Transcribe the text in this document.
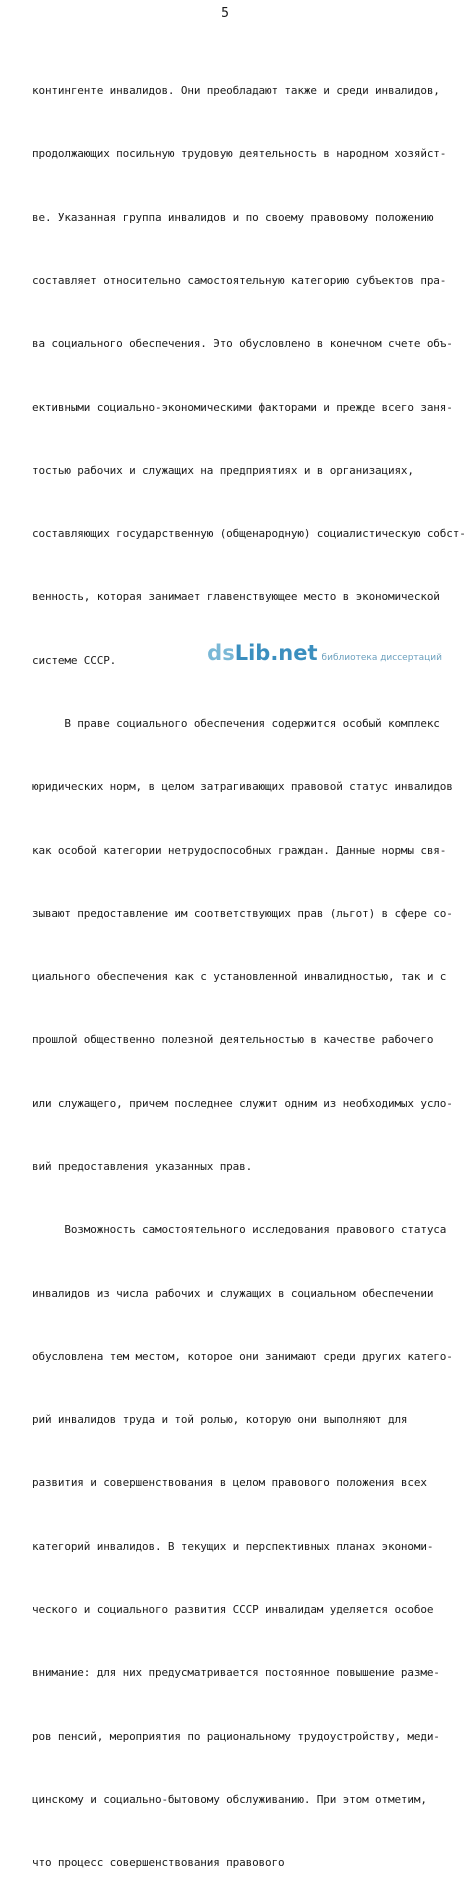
5

контингенте инвалидов. Они преобладают также и среди инвалидов,

продолжающих посильную трудовую деятельность в народном хозяйст-

ве. Указанная группа инвалидов и по своему правовому положению

составляет относительно самостоятельную категорию субъектов пра-

ва социального обеспечения. Это обусловлено в конечном счете объ-

ективными социально-экономическими факторами и прежде всего заня-

тостью рабочих и служащих на предприятиях и в организациях,

составляющих государственную (общенародную) социалистическую собст-

венность, которая занимает главенствующее место в экономической

системе СССР.

В праве социального обеспечения содержится особый комплекс

юридических норм, в целом затрагивающих правовой статус инвалидов

как особой категории нетрудоспособных граждан. Данные нормы свя-

зывают предоставление им соответствующих прав (льгот) в сфере со-

циального обеспечения как с установленной инвалидностью, так и с

прошлой общественно полезной деятельностью в качестве рабочего

или служащего, причем последнее служит одним из необходимых усло-

вий предоставления указанных прав.

Возможность самостоятельного исследования правового статуса

инвалидов из числа рабочих и служащих в социальном обеспечении

обусловлена тем местом, которое они занимают среди других катего-

рий инвалидов труда и той ролью, которую они выполняют для

развития и совершенствования в целом правового положения всех

категорий инвалидов. В текущих и перспективных планах экономи-

ческого и социального развития СССР инвалидам уделяется особое

внимание: для них предусматривается постоянное повышение разме-

ров пенсий, мероприятия по рациональному трудоустройству, меди-

цинскому и социально-бытовому обслуживанию. При этом отметим,

что процесс совершенствования правового

dsLib.net библиотека диссертаций
